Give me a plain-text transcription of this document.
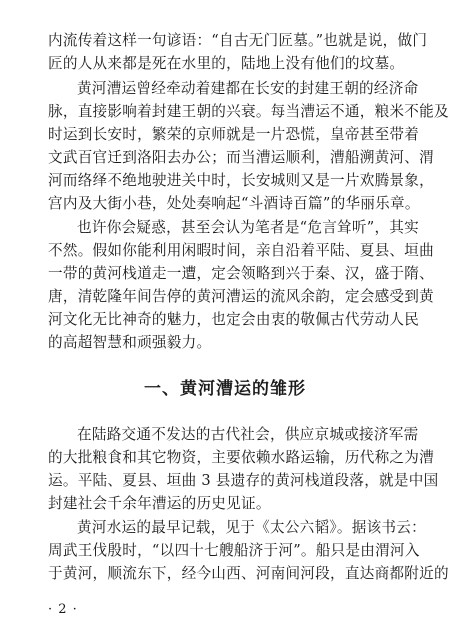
内流传着这样一句谚语：“自古无门匠墓。”也就是说，做门
匠的人从来都是死在水里的，陆地上没有他们的坟墓。
黄河漕运曾经牵动着建都在长安的封建王朝的经济命
脉，直接影响着封建王朝的兴衰。每当漕运不通，粮米不能及
时运到长安时，繁荣的京师就是一片恐慌，皇帝甚至带着
文武百官迁到洛阳去办公；而当漕运顺利，漕船溯黄河、渭
河而络绎不绝地驶进关中时，长安城则又是一片欢腾景象，
宫内及大街小巷，处处奏响起“斗酒诗百篇”的华丽乐章。
也许你会疑惑，甚至会认为笔者是“危言耸听”，其实
不然。假如你能利用闲暇时间，亲自沿着平陆、夏县、垣曲
一带的黄河栈道走一遭，定会领略到兴于秦、汉，盛于隋、
唐，清乾隆年间告停的黄河漕运的流风余韵，定会感受到黄
河文化无比神奇的魅力，也定会由衷的敬佩古代劳动人民
的高超智慧和顽强毅力。
一、黄河漕运的雏形
在陆路交通不发达的古代社会，供应京城或接济军需
的大批粮食和其它物资，主要依赖水路运输，历代称之为漕
运。平陆、夏县、垣曲 3 县遗存的黄河栈道段落，就是中国
封建社会千余年漕运的历史见证。
黄河水运的最早记载，见于《太公六韬》。据该书云：
周武王伐殷时，“以四十七艘船济于河”。船只是由渭河入
于黄河，顺流东下，经今山西、河南间河段，直达商都附近的
· 2 ·
